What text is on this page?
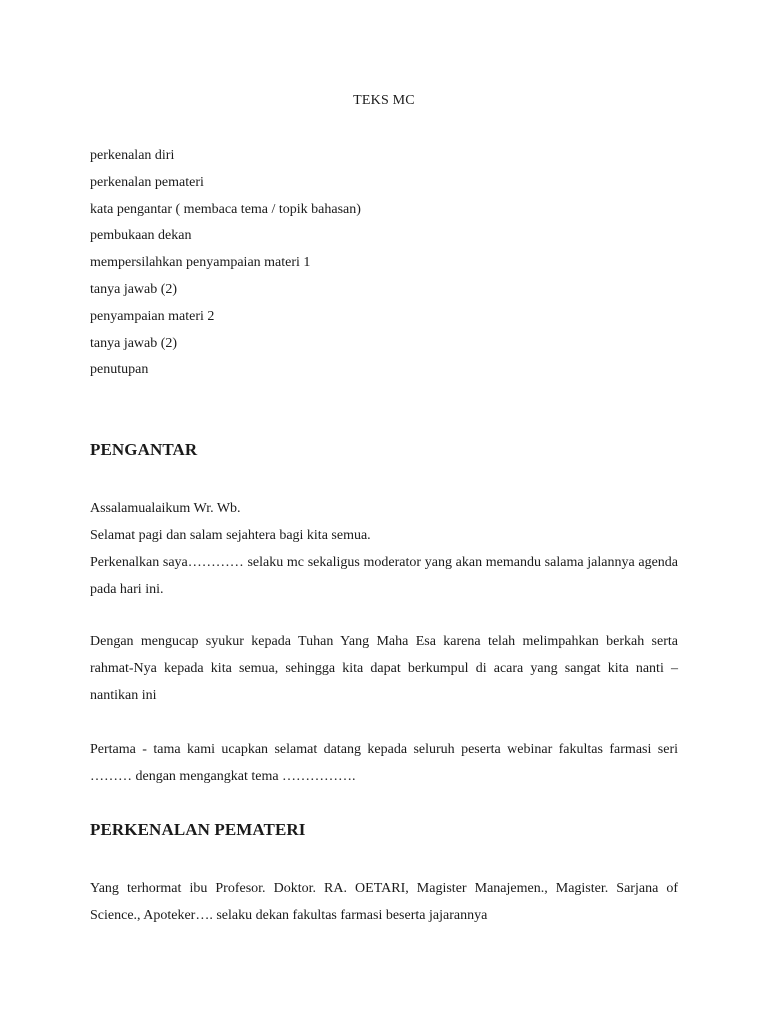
TEKS MC
perkenalan diri
perkenalan pemateri
kata pengantar ( membaca tema / topik bahasan)
pembukaan dekan
mempersilahkan penyampaian materi 1
tanya jawab (2)
penyampaian materi 2
tanya jawab (2)
penutupan
PENGANTAR

Assalamualaikum Wr. Wb.
Selamat pagi dan salam sejahtera bagi kita semua.
Perkenalkan saya………… selaku mc sekaligus moderator yang akan memandu salama jalannya agenda pada hari ini.

Dengan mengucap syukur kepada Tuhan Yang Maha Esa karena telah melimpahkan berkah serta rahmat-Nya kepada kita semua, sehingga kita dapat berkumpul di acara yang sangat kita nanti – nantikan ini

Pertama - tama kami ucapkan selamat datang kepada seluruh peserta webinar fakultas farmasi seri ……… dengan mengangkat tema …………….

PERKENALAN PEMATERI

Yang terhormat ibu Profesor. Doktor. RA. OETARI, Magister Manajemen., Magister. Sarjana of Science., Apoteker…. selaku dekan fakultas farmasi beserta jajarannya
